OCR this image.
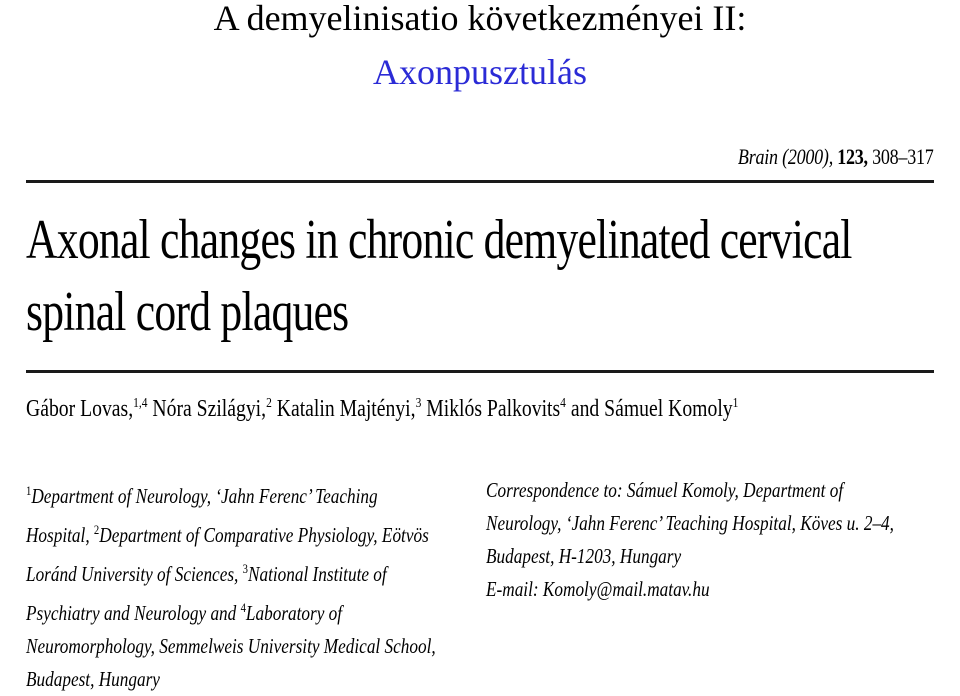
A demyelinisatio következményei II:
Axonpusztulás
Brain (2000), 123, 308–317
Axonal changes in chronic demyelinated cervical
spinal cord plaques
Gábor Lovas,$^{1,4}$ Nóra Szilágyi,$^2$ Katalin Majtényi,$^3$ Miklós Palkovits$^4$ and Sámuel Komoly$^1$
$^1$Department of Neurology, ‘Jahn Ferenc’ Teaching
Hospital, $^2$Department of Comparative Physiology, Eötvös
Loránd University of Sciences, $^3$National Institute of
Psychiatry and Neurology and $^4$Laboratory of
Neuromorphology, Semmelweis University Medical School,
Budapest, Hungary
Correspondence to: Sámuel Komoly, Department of
Neurology, ‘Jahn Ferenc’ Teaching Hospital, Köves u. 2–4,
Budapest, H-1203, Hungary
E-mail: Komoly@mail.matav.hu
